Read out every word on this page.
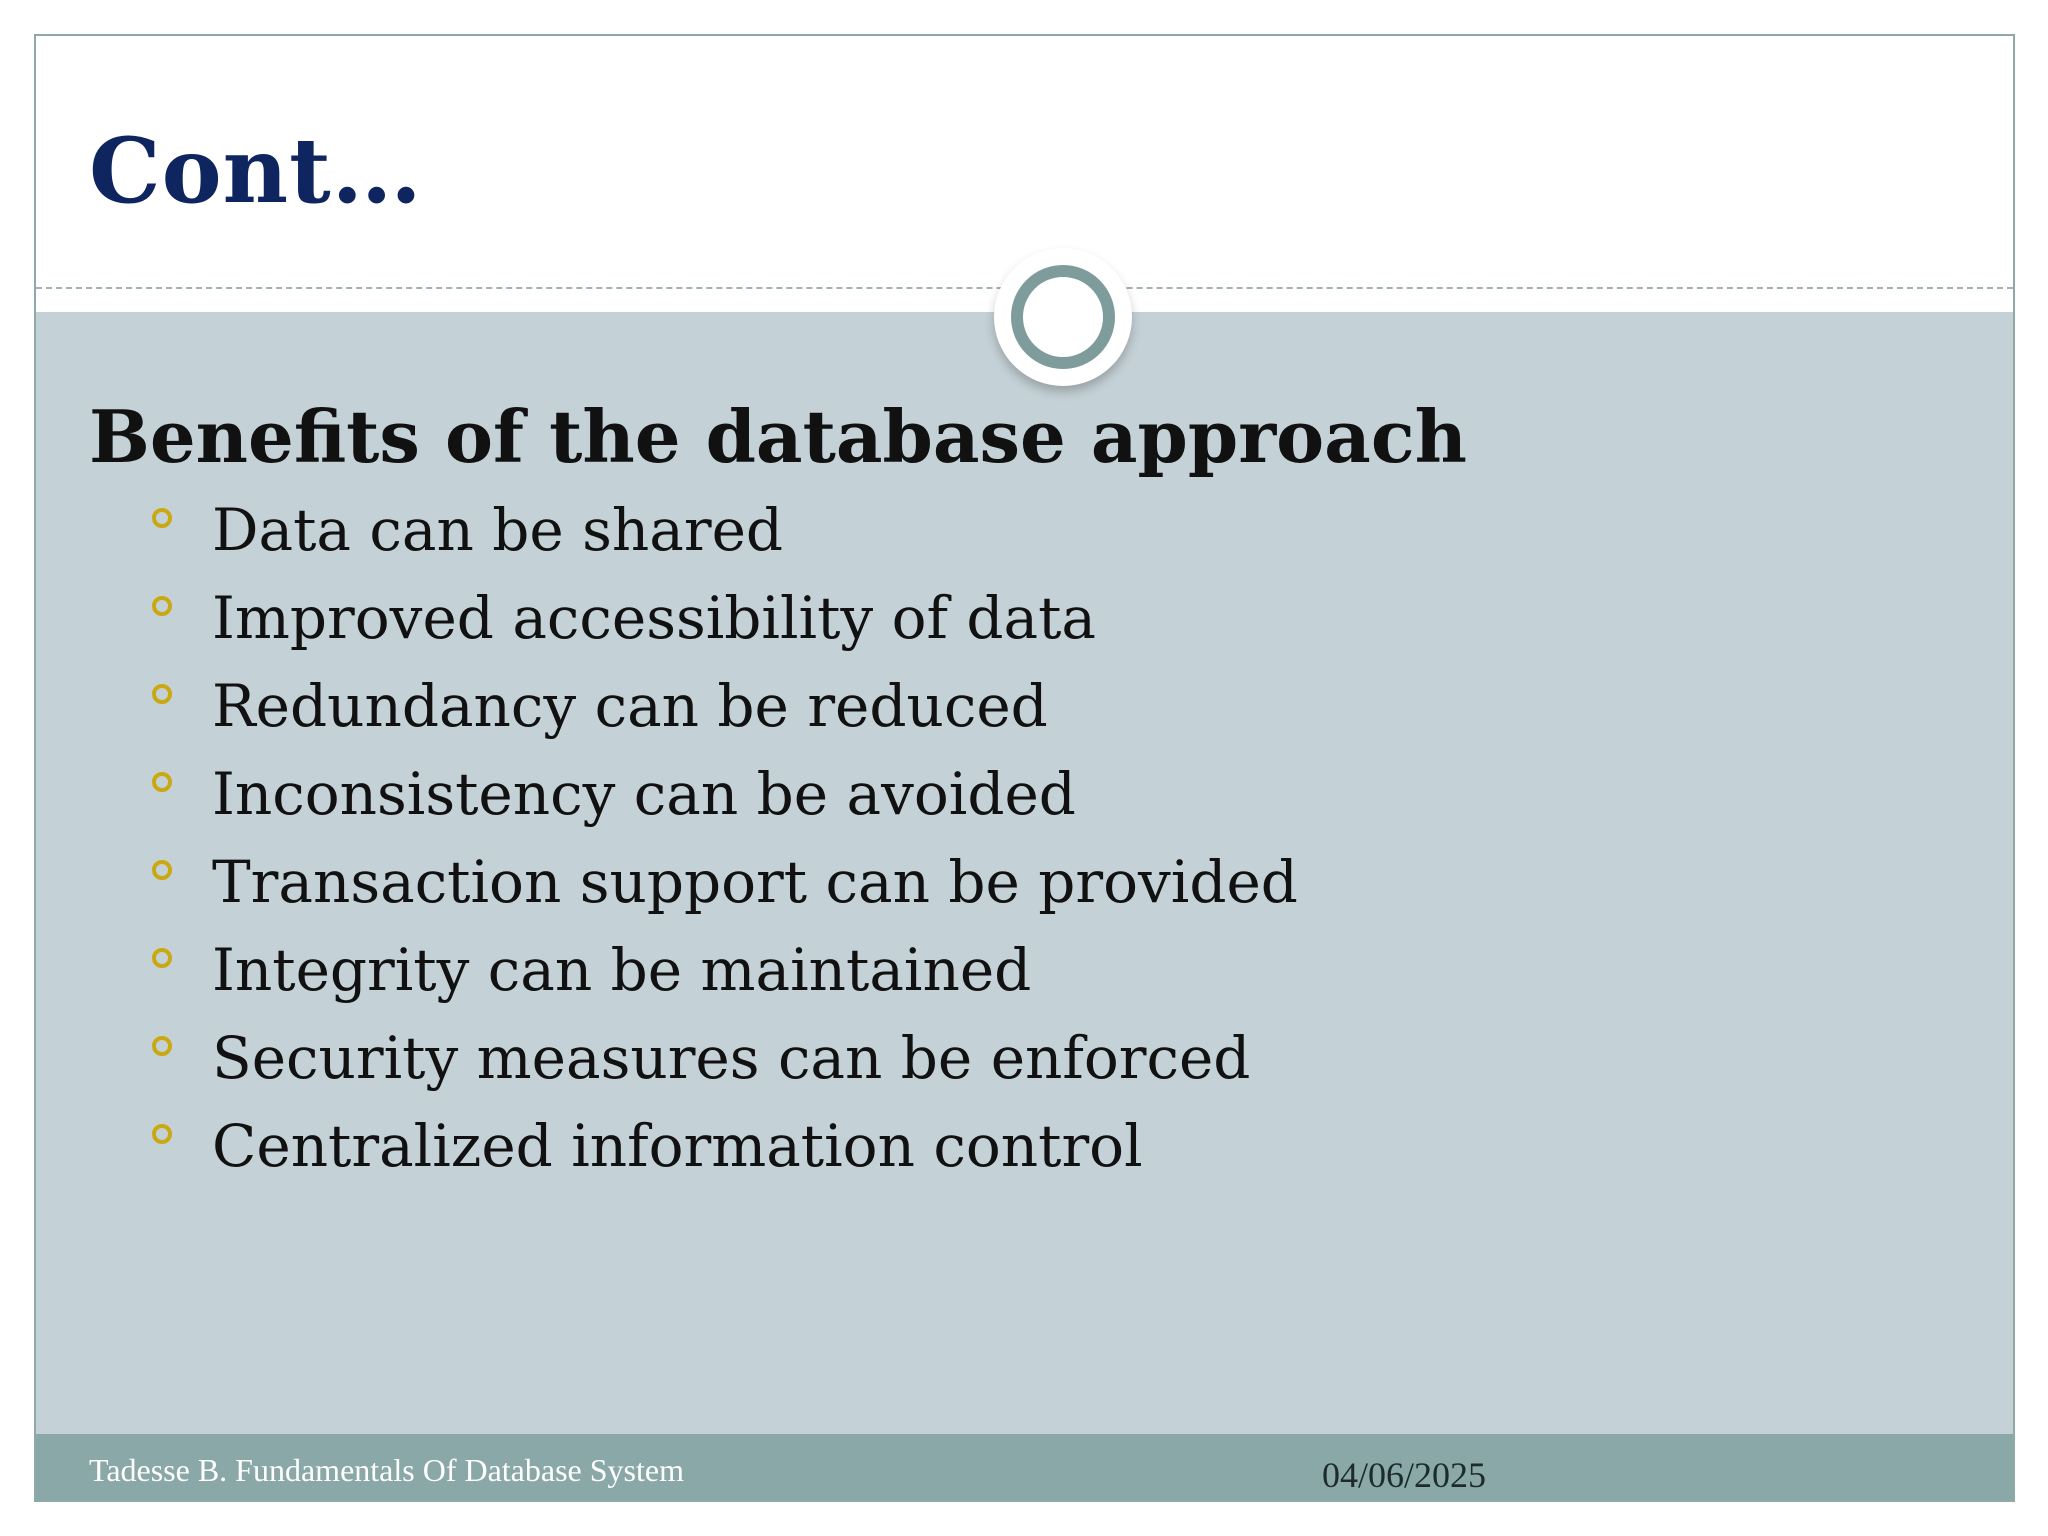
Cont…
Benefits of the database approach
Data can be shared
Improved accessibility of data
Redundancy can be reduced
Inconsistency can be avoided
Transaction support can be provided
Integrity can be maintained
Security measures can be enforced
Centralized information control
Tadesse B. Fundamentals Of Database System	04/06/2025
